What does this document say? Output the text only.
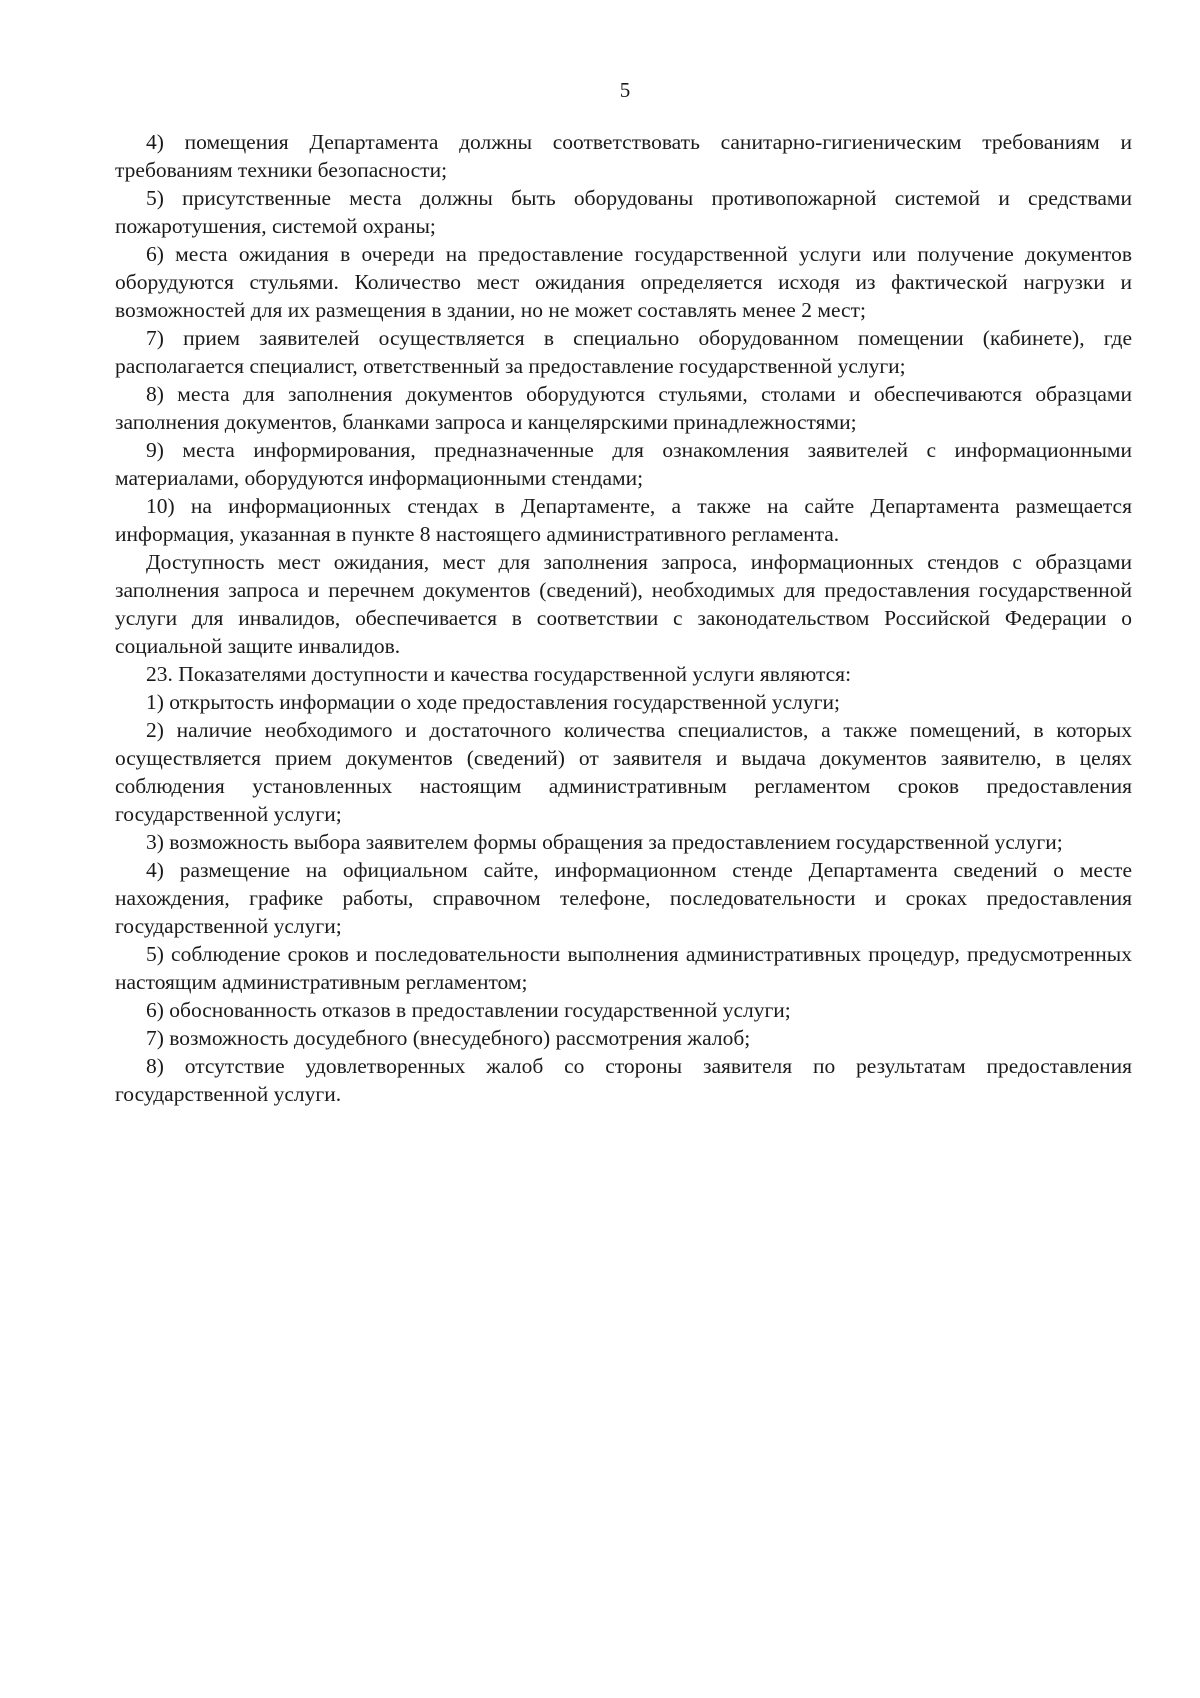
5

4) помещения Департамента должны соответствовать санитарно-гигиеническим требованиям и требованиям техники безопасности;

5) присутственные места должны быть оборудованы противопожарной системой и средствами пожаротушения, системой охраны;

6) места ожидания в очереди на предоставление государственной услуги или получение документов оборудуются стульями. Количество мест ожидания определяется исходя из фактической нагрузки и возможностей для их размещения в здании, но не может составлять менее 2 мест;

7) прием заявителей осуществляется в специально оборудованном помещении (кабинете), где располагается специалист, ответственный за предоставление государственной услуги;

8) места для заполнения документов оборудуются стульями, столами и обеспечиваются образцами заполнения документов, бланками запроса и канцелярскими принадлежностями;

9) места информирования, предназначенные для ознакомления заявителей с информационными материалами, оборудуются информационными стендами;

10) на информационных стендах в Департаменте, а также на сайте Департамента размещается информация, указанная в пункте 8 настоящего административного регламента.

Доступность мест ожидания, мест для заполнения запроса, информационных стендов с образцами заполнения запроса и перечнем документов (сведений), необходимых для предоставления государственной услуги для инвалидов, обеспечивается в соответствии с законодательством Российской Федерации о социальной защите инвалидов.

23. Показателями доступности и качества государственной услуги являются:

1) открытость информации о ходе предоставления государственной услуги;

2) наличие необходимого и достаточного количества специалистов, а также помещений, в которых осуществляется прием документов (сведений) от заявителя и выдача документов заявителю, в целях соблюдения установленных настоящим административным регламентом сроков предоставления государственной услуги;

3) возможность выбора заявителем формы обращения за предоставлением государственной услуги;

4) размещение на официальном сайте, информационном стенде Департамента сведений о месте нахождения, графике работы, справочном телефоне, последовательности и сроках предоставления государственной услуги;

5) соблюдение сроков и последовательности выполнения административных процедур, предусмотренных настоящим административным регламентом;

6) обоснованность отказов в предоставлении государственной услуги;

7) возможность досудебного (внесудебного) рассмотрения жалоб;

8) отсутствие удовлетворенных жалоб со стороны заявителя по результатам предоставления государственной услуги.
